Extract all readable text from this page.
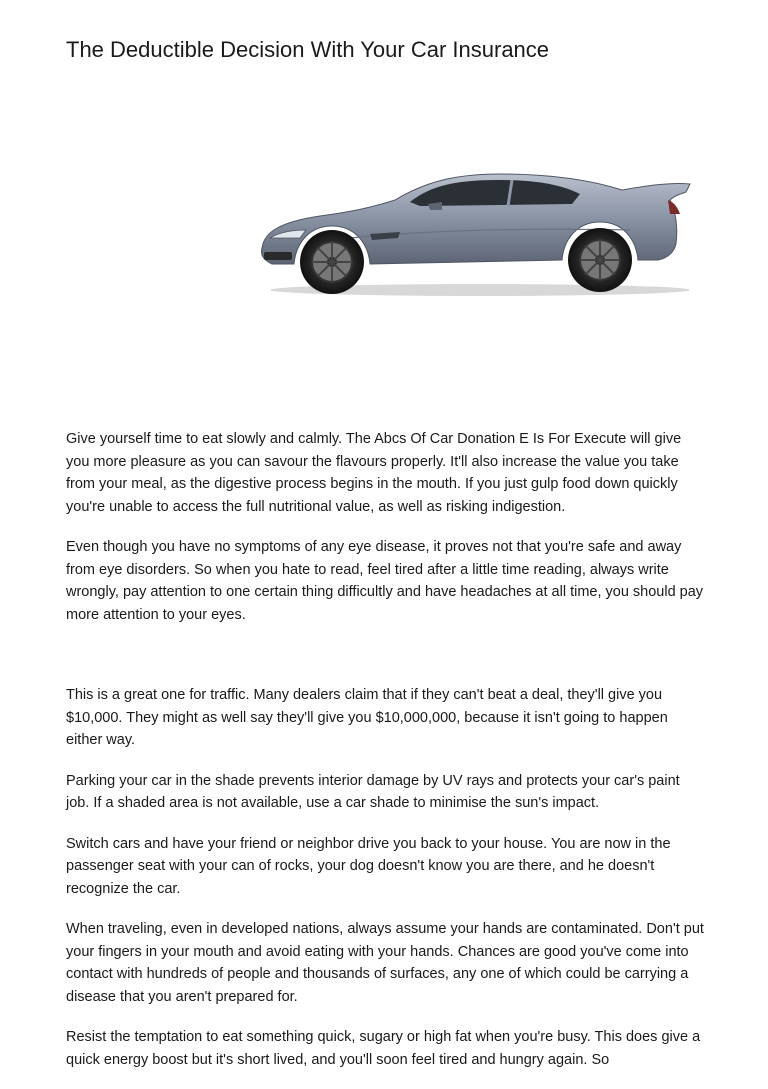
The Deductible Decision With Your Car Insurance

Give yourself time to eat slowly and calmly. The Abcs Of Car Donation E Is For Execute will give you more pleasure as you can savour the flavours properly. It'll also increase the value you take from your meal, as the digestive process begins in the mouth. If you just gulp food down quickly you're unable to access the full nutritional value, as well as risking indigestion.

Even though you have no symptoms of any eye disease, it proves not that you're safe and away from eye disorders. So when you hate to read, feel tired after a little time reading, always write wrongly, pay attention to one certain thing difficultly and have headaches at all time, you should pay more attention to your eyes.

This is a great one for traffic. Many dealers claim that if they can't beat a deal, they'll give you $10,000. They might as well say they'll give you $10,000,000, because it isn't going to happen either way.

Parking your car in the shade prevents interior damage by UV rays and protects your car's paint job. If a shaded area is not available, use a car shade to minimise the sun's impact.

Switch cars and have your friend or neighbor drive you back to your house. You are now in the passenger seat with your can of rocks, your dog doesn't know you are there, and he doesn't recognize the car.

When traveling, even in developed nations, always assume your hands are contaminated. Don't put your fingers in your mouth and avoid eating with your hands. Chances are good you've come into contact with hundreds of people and thousands of surfaces, any one of which could be carrying a disease that you aren't prepared for.

Resist the temptation to eat something quick, sugary or high fat when you're busy. This does give a quick energy boost but it's short lived, and you'll soon feel tired and hungry again. So
